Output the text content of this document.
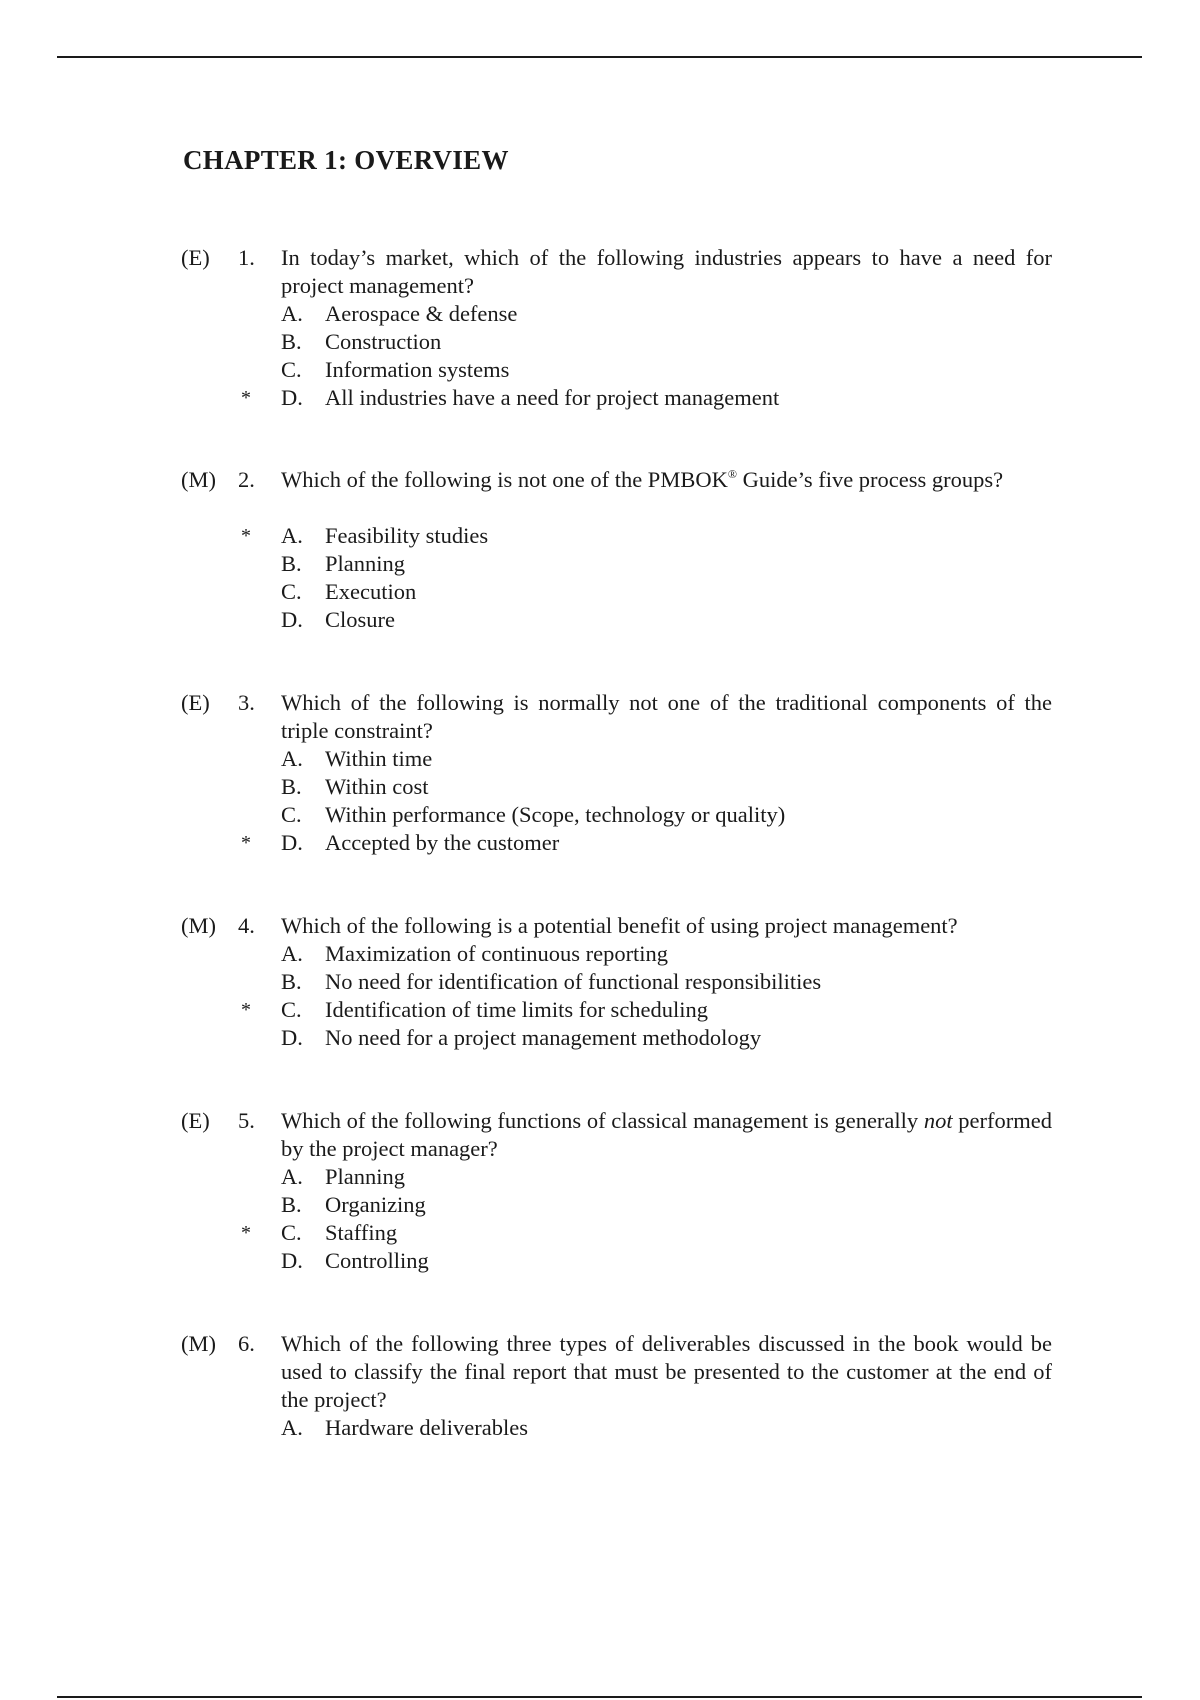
CHAPTER 1: OVERVIEW
(E) 1. In today’s market, which of the following industries appears to have a need for project management?

A. Aerospace & defense
B. Construction
C. Information systems
* D. All industries have a need for project management
(M) 2. Which of the following is not one of the PMBOK® Guide’s five process groups?

* A. Feasibility studies
B. Planning
C. Execution
D. Closure
(E) 3. Which of the following is normally not one of the traditional components of the triple constraint?

A. Within time
B. Within cost
C. Within performance (Scope, technology or quality)
* D. Accepted by the customer
(M) 4. Which of the following is a potential benefit of using project management?

A. Maximization of continuous reporting
B. No need for identification of functional responsibilities
* C. Identification of time limits for scheduling
D. No need for a project management methodology
(E) 5. Which of the following functions of classical management is generally not performed by the project manager?

A. Planning
B. Organizing
* C. Staffing
D. Controlling
(M) 6. Which of the following three types of deliverables discussed in the book would be used to classify the final report that must be presented to the customer at the end of the project?

A. Hardware deliverables
